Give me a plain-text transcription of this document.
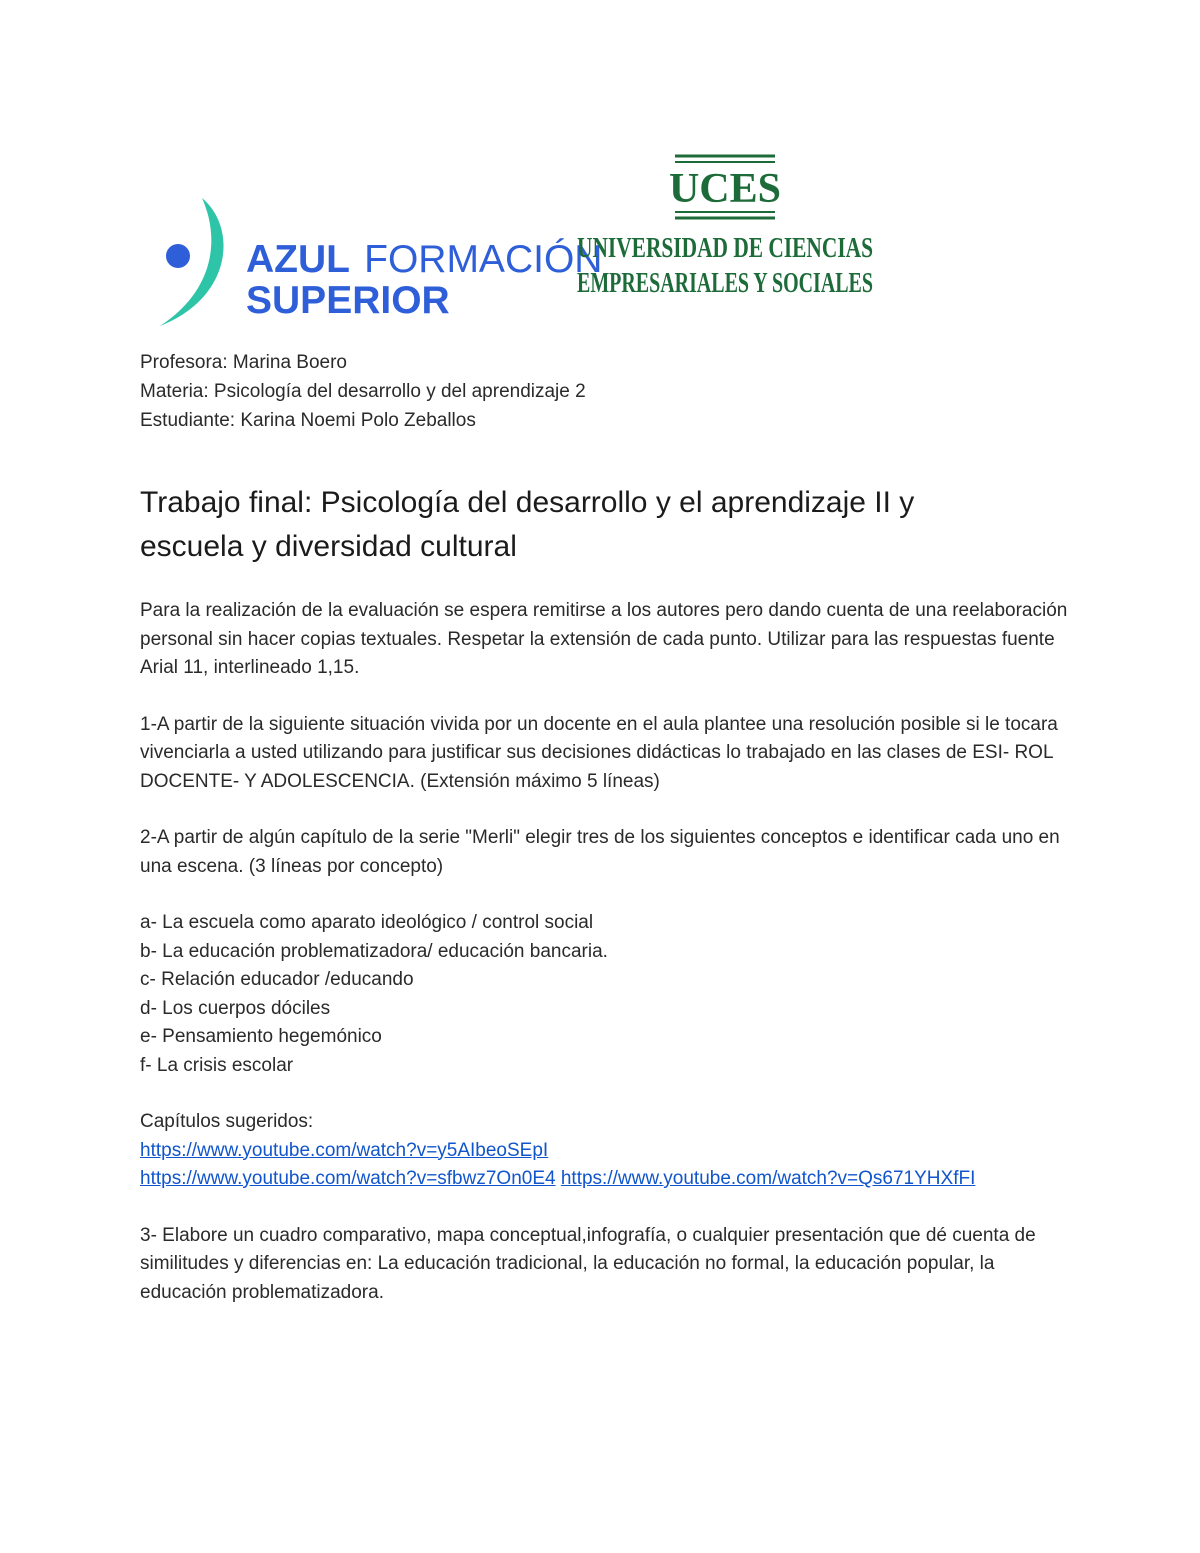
AZUL FORMACIÓN
SUPERIOR
UCES
UNIVERSIDAD DE CIENCIAS
EMPRESARIALES Y SOCIALES

Profesora: Marina Boero

Materia: Psicología del desarrollo y del aprendizaje 2

Estudiante: Karina Noemi Polo Zeballos

Trabajo final: Psicología del desarrollo y el aprendizaje II y
escuela y diversidad cultural

Para la realización de la evaluación se espera remitirse a los autores pero dando cuenta de una reelaboración personal sin hacer copias textuales. Respetar la extensión de cada punto. Utilizar para las respuestas fuente Arial 11, interlineado 1,15.

1-A partir de la siguiente situación vivida por un docente en el aula plantee una resolución posible si le tocara vivenciarla a usted utilizando para justificar sus decisiones didácticas lo trabajado en las clases de ESI- ROL DOCENTE- Y ADOLESCENCIA. (Extensión máximo 5 líneas)

2-A partir de algún capítulo de la serie "Merli" elegir tres de los siguientes conceptos e identificar cada uno en una escena. (3 líneas por concepto)

a- La escuela como aparato ideológico / control social

b- La educación problematizadora/ educación bancaria.

c- Relación educador /educando

d- Los cuerpos dóciles

e- Pensamiento hegemónico

f- La crisis escolar

Capítulos sugeridos:

https://www.youtube.com/watch?v=y5AIbeoSEpI

https://www.youtube.com/watch?v=sfbwz7On0E4 https://www.youtube.com/watch?v=Qs671YHXfFI

3- Elabore un cuadro comparativo, mapa conceptual,infografía, o cualquier presentación que dé cuenta de similitudes y diferencias en: La educación tradicional, la educación no formal, la educación popular, la educación problematizadora.
